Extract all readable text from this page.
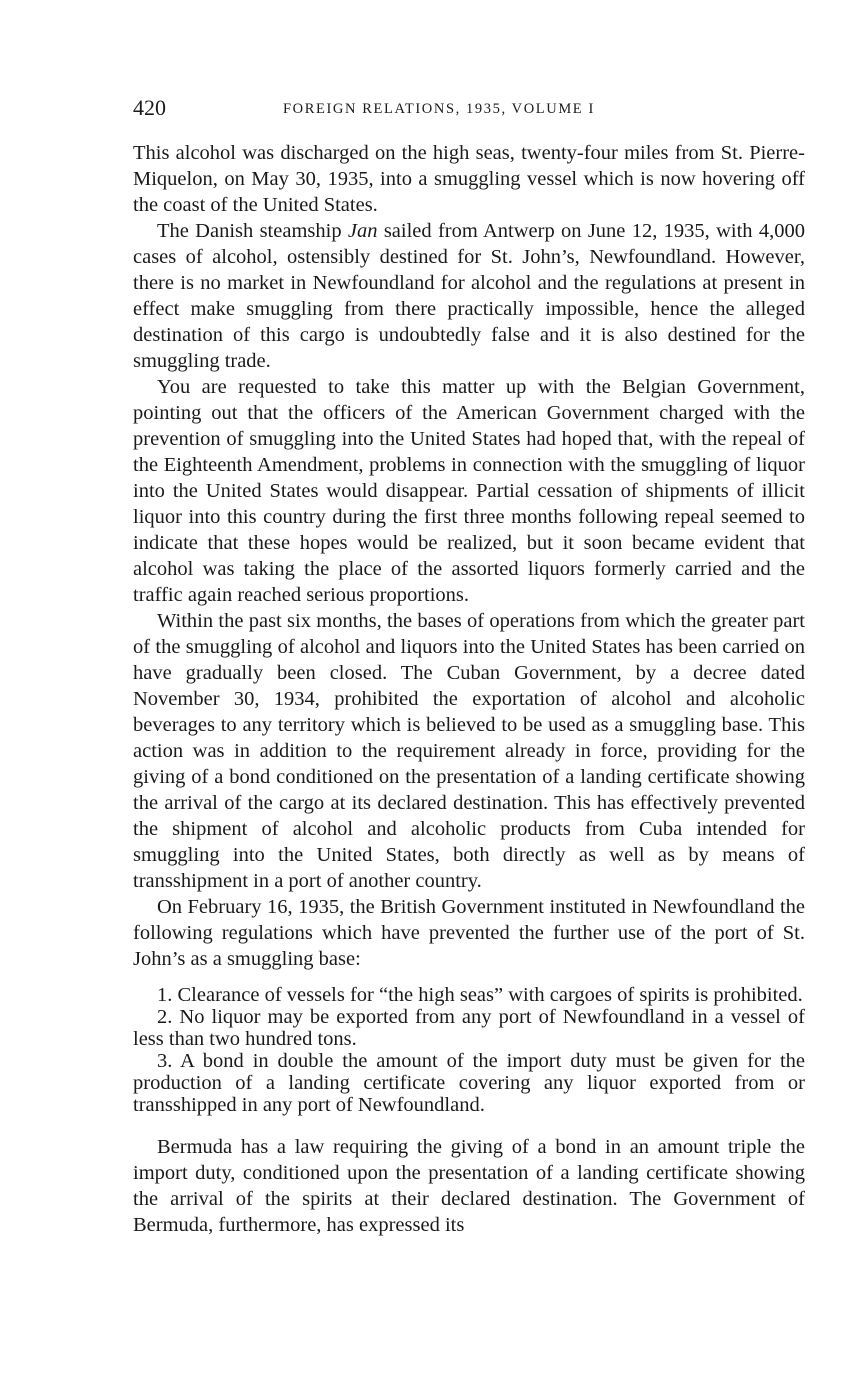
420	FOREIGN RELATIONS, 1935, VOLUME I

This alcohol was discharged on the high seas, twenty-four miles from St. Pierre-Miquelon, on May 30, 1935, into a smuggling vessel which is now hovering off the coast of the United States.

The Danish steamship Jan sailed from Antwerp on June 12, 1935, with 4,000 cases of alcohol, ostensibly destined for St. John’s, Newfoundland. However, there is no market in Newfoundland for alcohol and the regulations at present in effect make smuggling from there practically impossible, hence the alleged destination of this cargo is undoubtedly false and it is also destined for the smuggling trade.

You are requested to take this matter up with the Belgian Government, pointing out that the officers of the American Government charged with the prevention of smuggling into the United States had hoped that, with the repeal of the Eighteenth Amendment, problems in connection with the smuggling of liquor into the United States would disappear. Partial cessation of shipments of illicit liquor into this country during the first three months following repeal seemed to indicate that these hopes would be realized, but it soon became evident that alcohol was taking the place of the assorted liquors formerly carried and the traffic again reached serious proportions.

Within the past six months, the bases of operations from which the greater part of the smuggling of alcohol and liquors into the United States has been carried on have gradually been closed. The Cuban Government, by a decree dated November 30, 1934, prohibited the exportation of alcohol and alcoholic beverages to any territory which is believed to be used as a smuggling base. This action was in addition to the requirement already in force, providing for the giving of a bond conditioned on the presentation of a landing certificate showing the arrival of the cargo at its declared destination. This has effectively prevented the shipment of alcohol and alcoholic products from Cuba intended for smuggling into the United States, both directly as well as by means of transshipment in a port of another country.

On February 16, 1935, the British Government instituted in Newfoundland the following regulations which have prevented the further use of the port of St. John’s as a smuggling base:

1. Clearance of vessels for “the high seas” with cargoes of spirits is prohibited.

2. No liquor may be exported from any port of Newfoundland in a vessel of less than two hundred tons.

3. A bond in double the amount of the import duty must be given for the production of a landing certificate covering any liquor exported from or transshipped in any port of Newfoundland.

Bermuda has a law requiring the giving of a bond in an amount triple the import duty, conditioned upon the presentation of a landing certificate showing the arrival of the spirits at their declared destination. The Government of Bermuda, furthermore, has expressed its
